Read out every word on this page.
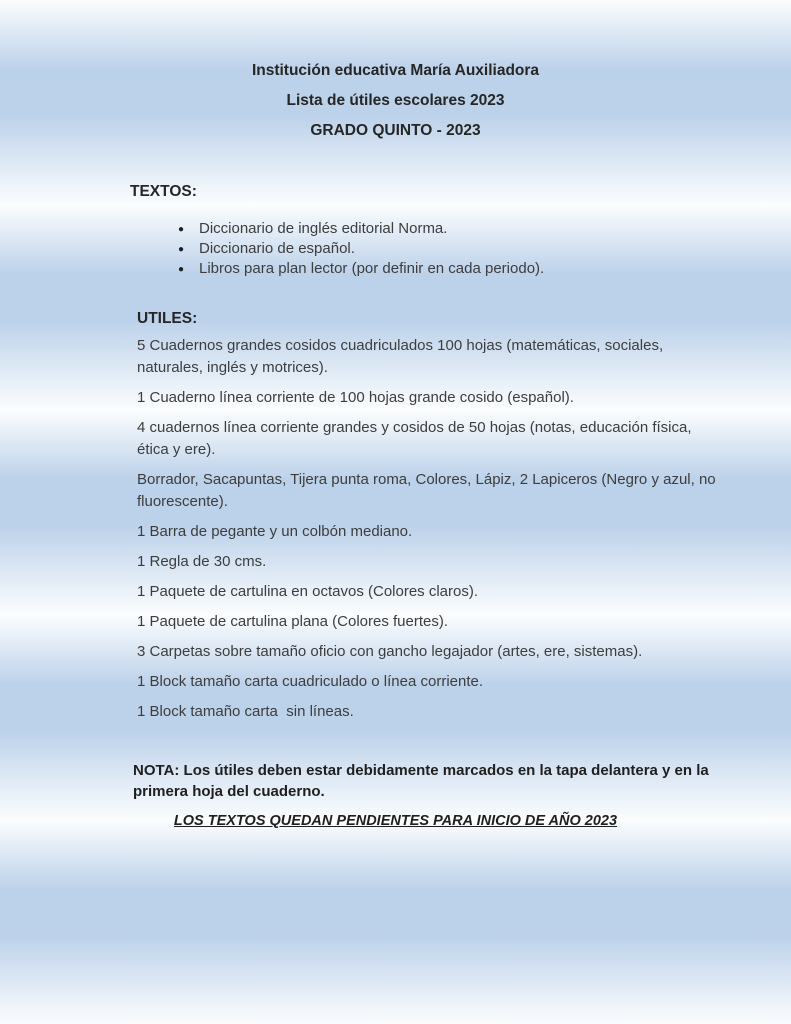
Institución educativa María Auxiliadora

Lista de útiles escolares 2023

GRADO QUINTO - 2023

TEXTOS:
● Diccionario de inglés editorial Norma.
● Diccionario de español.
● Libros para plan lector (por definir en cada periodo).
UTILES:

5 Cuadernos grandes cosidos cuadriculados 100 hojas (matemáticas, sociales, naturales, inglés y motrices).

1 Cuaderno línea corriente de 100 hojas grande cosido (español).

4 cuadernos línea corriente grandes y cosidos de 50 hojas (notas, educación física, ética y ere).

Borrador, Sacapuntas, Tijera punta roma, Colores, Lápiz, 2 Lapiceros (Negro y azul, no fluorescente).

1 Barra de pegante y un colbón mediano.

1 Regla de 30 cms.

1 Paquete de cartulina en octavos (Colores claros).

1 Paquete de cartulina plana (Colores fuertes).

3 Carpetas sobre tamaño oficio con gancho legajador (artes, ere, sistemas).

1 Block tamaño carta cuadriculado o línea corriente.

1 Block tamaño carta  sin líneas.

NOTA: Los útiles deben estar debidamente marcados en la tapa delantera y en la primera hoja del cuaderno.

LOS TEXTOS QUEDAN PENDIENTES PARA INICIO DE AÑO 2023
